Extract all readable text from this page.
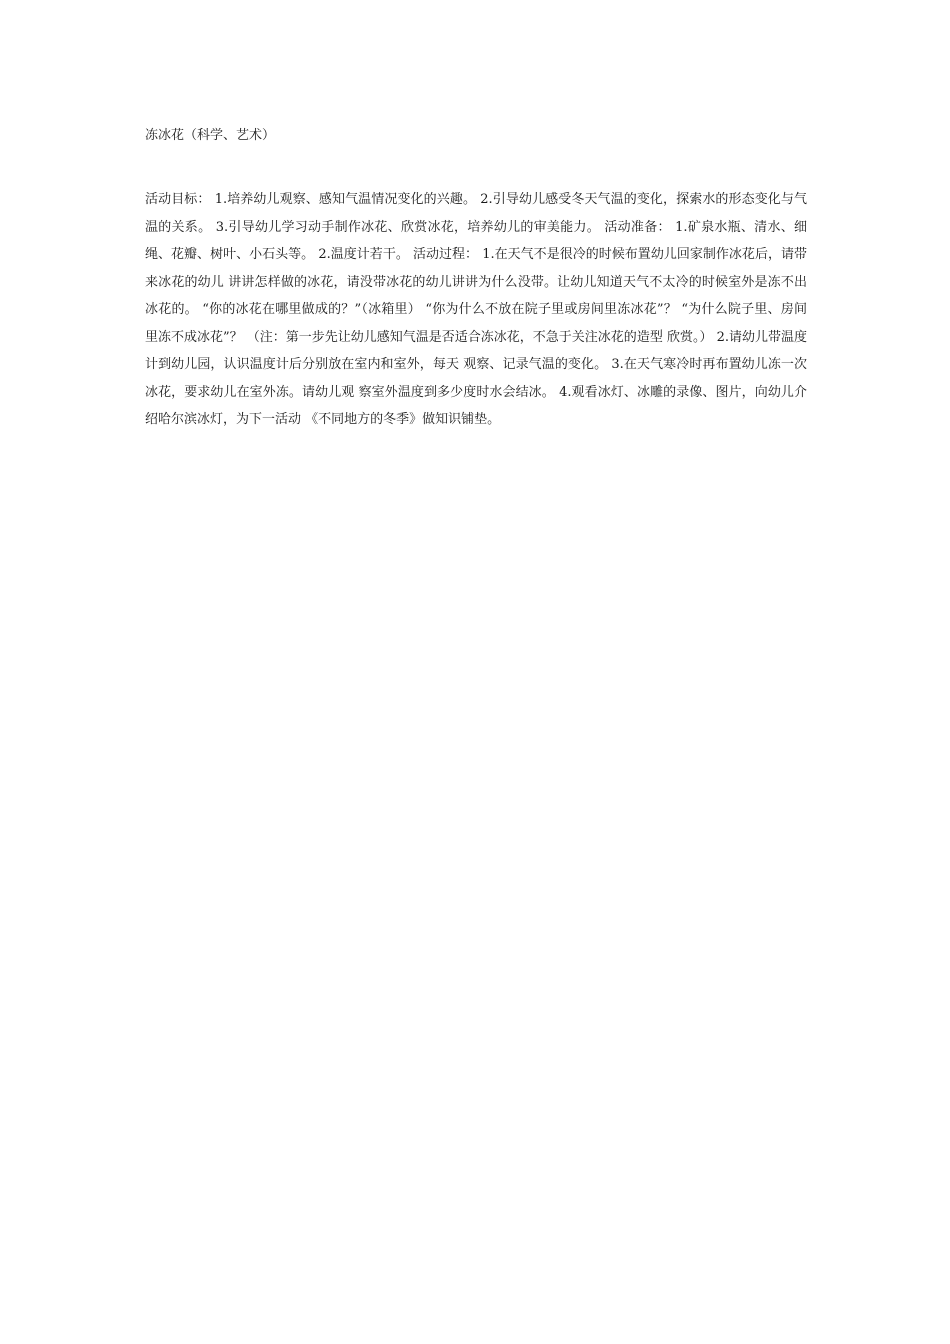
冻冰花（科学、艺术）
活动目标： 1.培养幼儿观察、感知气温情况变化的兴趣。 2.引导幼儿感受冬天气温的变化，探索水的形态变化与气温的关系。 3.引导幼儿学习动手制作冰花、欣赏冰花，培养幼儿的审美能力。 活动准备： 1.矿泉水瓶、清水、细绳、花瓣、树叶、小石头等。 2.温度计若干。 活动过程： 1.在天气不是很冷的时候布置幼儿回家制作冰花后，请带来冰花的幼儿 讲讲怎样做的冰花，请没带冰花的幼儿讲讲为什么没带。让幼儿知道天气不太冷的时候室外是冻不出冰花的。 “你的冰花在哪里做成的？”（冰箱里） “你为什么不放在院子里或房间里冻冰花”？ “为什么院子里、房间里冻不成冰花”？ （注：第一步先让幼儿感知气温是否适合冻冰花，不急于关注冰花的造型 欣赏。） 2.请幼儿带温度计到幼儿园，认识温度计后分别放在室内和室外，每天 观察、记录气温的变化。 3.在天气寒冷时再布置幼儿冻一次冰花，要求幼儿在室外冻。请幼儿观 察室外温度到多少度时水会结冰。 4.观看冰灯、冰雕的录像、图片，向幼儿介绍哈尔滨冰灯，为下一活动 《不同地方的冬季》做知识铺垫。
